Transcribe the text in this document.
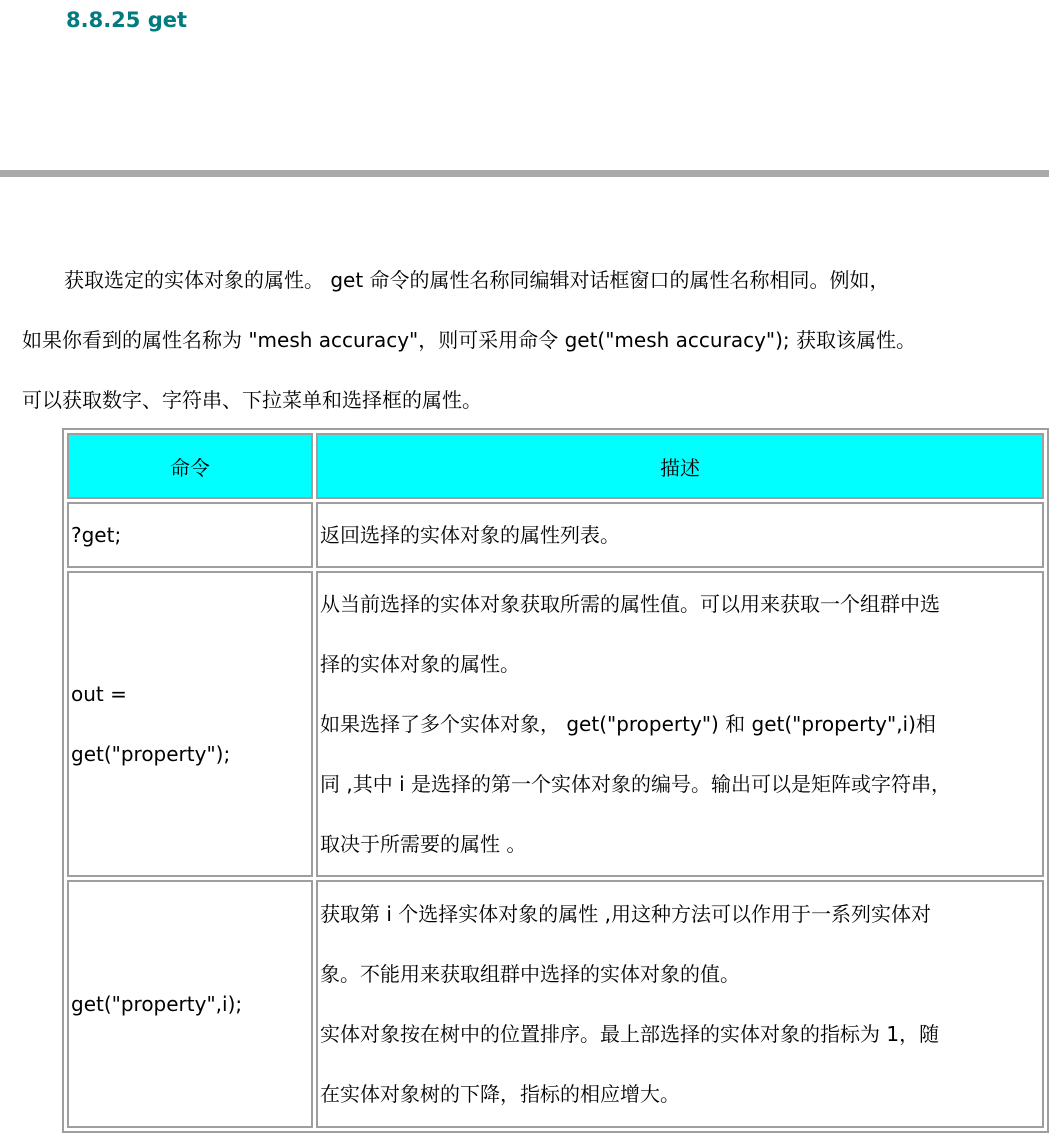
8.8.25 get

获取选定的实体对象的属性。 get 命令的属性名称同编辑对话框窗口的属性名称相同。例如，
如果你看到的属性名称为 "mesh accuracy"，则可采用命令 get("mesh accuracy"); 获取该属性。
可以获取数字、字符串、下拉菜单和选择框的属性。

命令	描述

?get;	返回选择的实体对象的属性列表。

out =
get("property");	从当前选择的实体对象获取所需的属性值。可以用来获取一个组群中选
择的实体对象的属性。
如果选择了多个实体对象， get("property") 和 get("property",i)相
同 ,其中 i 是选择的第一个实体对象的编号。输出可以是矩阵或字符串，
取决于所需要的属性 。

get("property",i);	获取第 i 个选择实体对象的属性 ,用这种方法可以作用于一系列实体对
象。不能用来获取组群中选择的实体对象的值。
实体对象按在树中的位置排序。最上部选择的实体对象的指标为 1，随
在实体对象树的下降，指标的相应增大。
